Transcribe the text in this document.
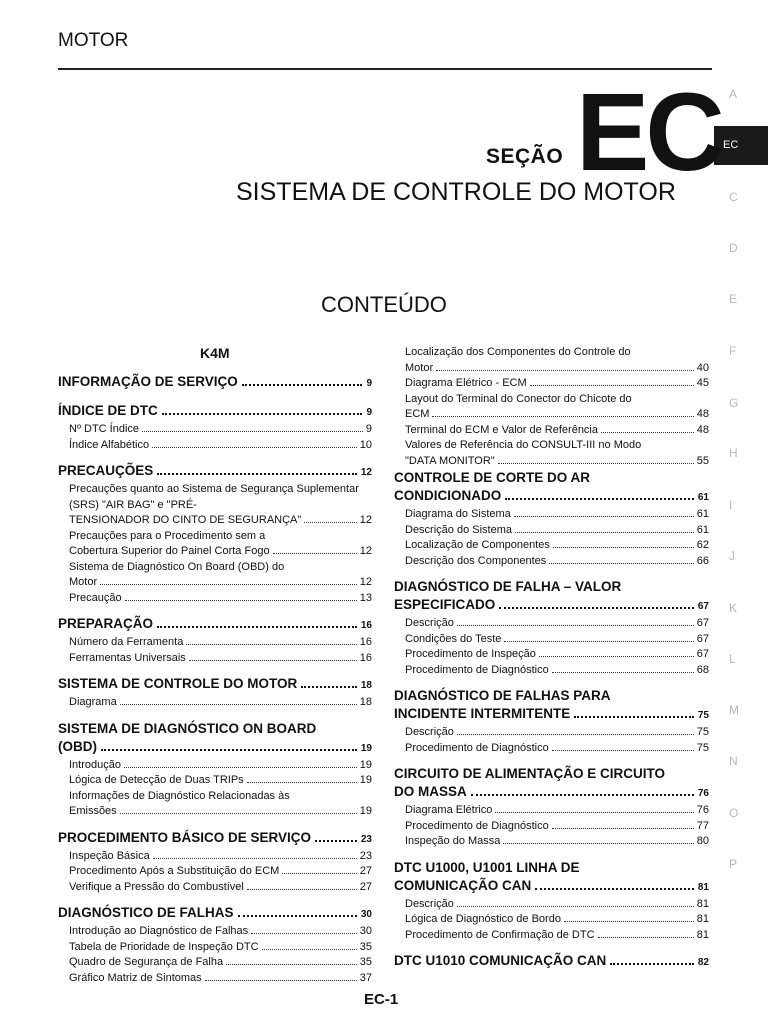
MOTOR
A
EC
C
D
E
F
G
H
I
J
K
L
M
N
O
P
SEÇÃO EC
SISTEMA DE CONTROLE DO MOTOR
CONTEÚDO
K4M
INFORMAÇÃO DE SERVIÇO	9
ÍNDICE DE DTC	9
Nº DTC Índice	9
Índice Alfabético	10
PRECAUÇÕES	12
Precauções quanto ao Sistema de Segurança Suplementar (SRS) "AIR BAG" e "PRÉ-
TENSIONADOR DO CINTO DE SEGURANÇA"	12
Precauções para o Procedimento sem a
Cobertura Superior do Painel Corta Fogo	12
Sistema de Diagnóstico On Board (OBD) do
Motor	12
Precaução	13
PREPARAÇÃO	16
Número da Ferramenta	16
Ferramentas Universais	16
SISTEMA DE CONTROLE DO MOTOR	18
Diagrama	18
SISTEMA DE DIAGNÓSTICO ON BOARD
(OBD)	19
Introdução	19
Lógica de Detecção de Duas TRIPs	19
Informações de Diagnóstico Relacionadas às
Emissões	19
PROCEDIMENTO BÁSICO DE SERVIÇO	23
Inspeção Básica	23
Procedimento Após a Substituição do ECM	27
Verifique a Pressão do Combustível	27
DIAGNÓSTICO DE FALHAS	30
Introdução ao Diagnóstico de Falhas	30
Tabela de Prioridade de Inspeção DTC	35
Quadro de Segurança de Falha	35
Gráfico Matriz de Sintomas	37
Localização dos Componentes do Controle do
Motor	40
Diagrama Elétrico - ECM	45
Layout do Terminal do Conector do Chicote do
ECM	48
Terminal do ECM e Valor de Referência	48
Valores de Referência do CONSULT-III no Modo
"DATA MONITOR"	55
CONTROLE DE CORTE DO AR
CONDICIONADO	61
Diagrama do Sistema	61
Descrição do Sistema	61
Localização de Componentes	62
Descrição dos Componentes	66
DIAGNÓSTICO DE FALHA – VALOR
ESPECIFICADO	67
Descrição	67
Condições do Teste	67
Procedimento de Inspeção	67
Procedimento de Diagnóstico	68
DIAGNÓSTICO DE FALHAS PARA
INCIDENTE INTERMITENTE	75
Descrição	75
Procedimento de Diagnóstico	75
CIRCUITO DE ALIMENTAÇÃO E CIRCUITO
DO MASSA	76
Diagrama Elétrico	76
Procedimento de Diagnóstico	77
Inspeção do Massa	80
DTC U1000, U1001 LINHA DE
COMUNICAÇÃO CAN	81
Descrição	81
Lógica de Diagnóstico de Bordo	81
Procedimento de Confirmação de DTC	81
DTC U1010 COMUNICAÇÃO CAN	82
EC-1
